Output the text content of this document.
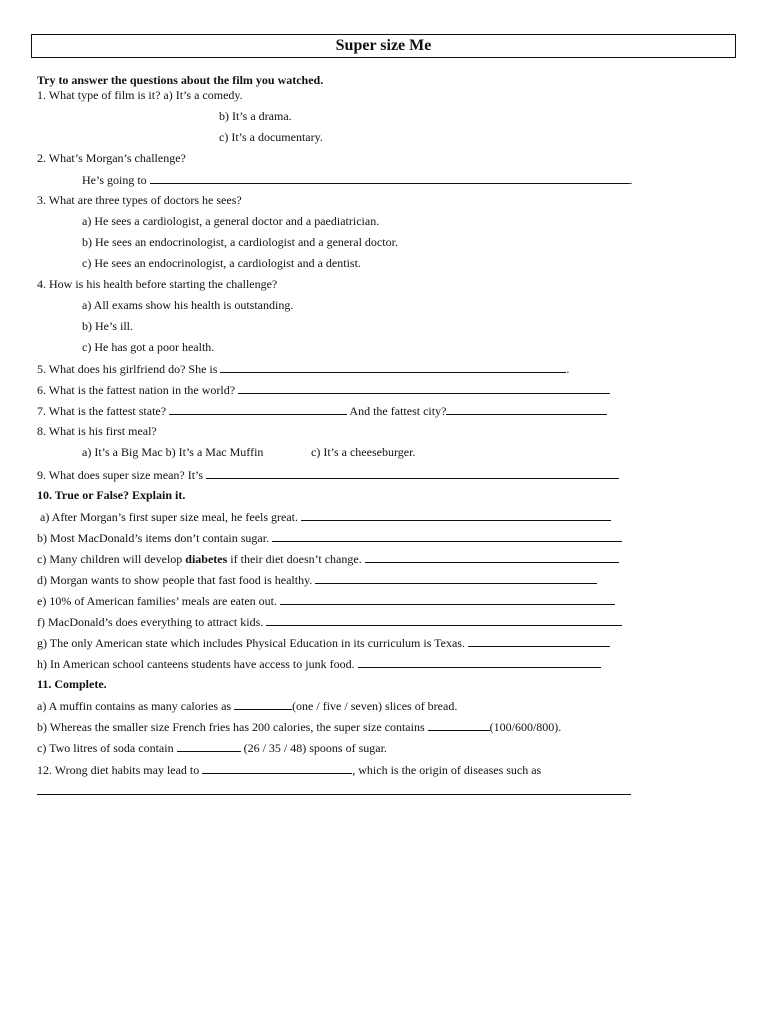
Super size Me
Try to answer the questions about the film you watched.
1. What type of film is it? a) It’s a comedy.
b) It’s a drama.
c) It’s a documentary.
2. What’s Morgan’s challenge?
He’s going to	.
3. What are three types of doctors he sees?
a) He sees a cardiologist, a general doctor and a paediatrician.
b) He sees an endocrinologist, a cardiologist and a general doctor.
c) He sees an endocrinologist, a cardiologist and a dentist.
4. How is his health before starting the challenge?
a) All exams show his health is outstanding.
b) He’s ill.
c) He has got a poor health.
5. What does his girlfriend do? She is	.
6. What is the fattest nation in the world?
7. What is the fattest state?	And the fattest city?
8. What is his first meal?
a) It’s a Big Mac b) It’s a Mac Muffin	c) It’s a cheeseburger.
9. What does super size mean? It’s
10. True or False? Explain it.
a) After Morgan’s first super size meal, he feels great.
b) Most MacDonald’s items don’t contain sugar.
c) Many children will develop diabetes if their diet doesn’t change.
d) Morgan wants to show people that fast food is healthy.
e) 10% of American families’ meals are eaten out.
f) MacDonald’s does everything to attract kids.
g) The only American state which includes Physical Education in its curriculum is Texas.
h) In American school canteens students have access to junk food.
11. Complete.
a) A muffin contains as many calories as	(one / five / seven) slices of bread.
b) Whereas the smaller size French fries has 200 calories, the super size contains	(100/600/800).
c) Two litres of soda contain	(26 / 35 / 48) spoons of sugar.
12. Wrong diet habits may lead to	, which is the origin of diseases such as
